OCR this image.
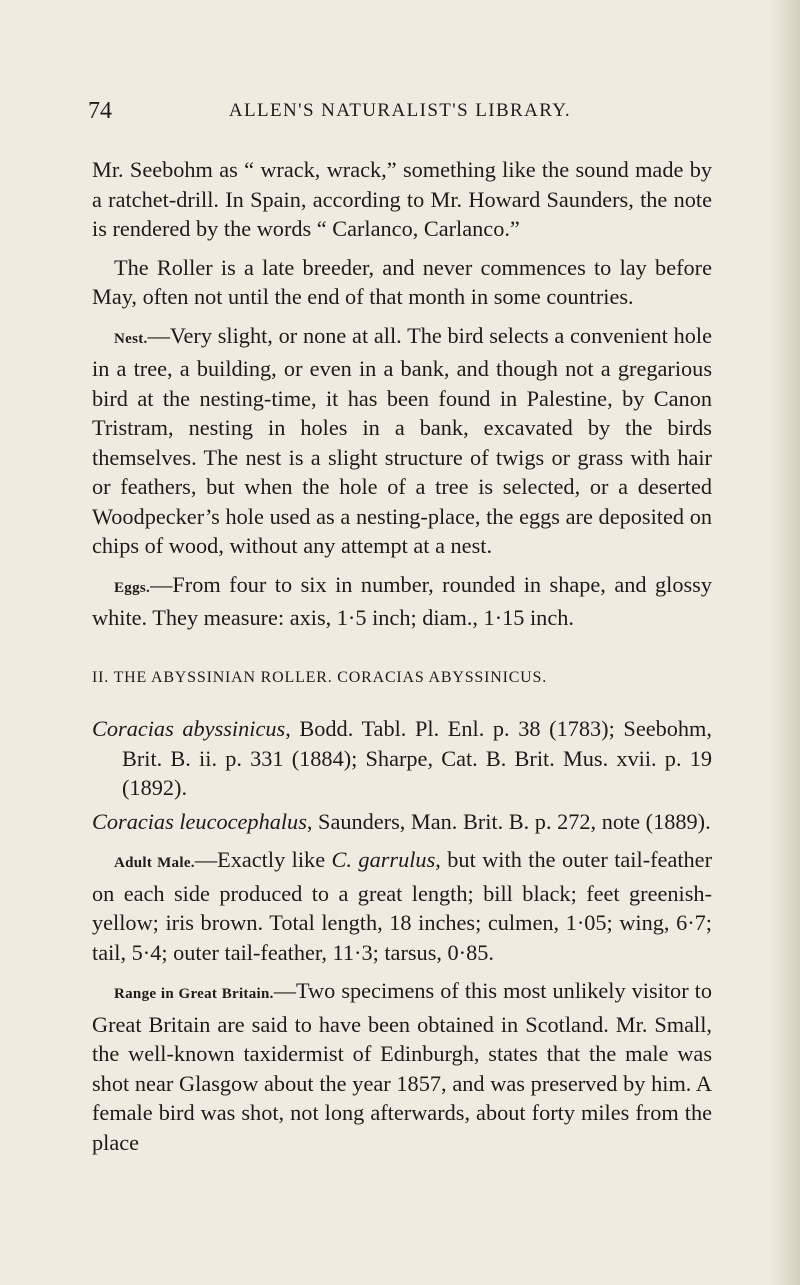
74	ALLEN'S NATURALIST'S LIBRARY.

Mr. Seebohm as “ wrack, wrack,” something like the sound made by a ratchet-drill. In Spain, according to Mr. Howard Saunders, the note is rendered by the words “ Carlanco, Carlanco.”

The Roller is a late breeder, and never commences to lay before May, often not until the end of that month in some countries.

Nest.—Very slight, or none at all. The bird selects a convenient hole in a tree, a building, or even in a bank, and though not a gregarious bird at the nesting-time, it has been found in Palestine, by Canon Tristram, nesting in holes in a bank, excavated by the birds themselves. The nest is a slight structure of twigs or grass with hair or feathers, but when the hole of a tree is selected, or a deserted Woodpecker’s hole used as a nesting-place, the eggs are deposited on chips of wood, without any attempt at a nest.

Eggs.—From four to six in number, rounded in shape, and glossy white. They measure: axis, 1·5 inch; diam., 1·15 inch.

II. THE ABYSSINIAN ROLLER. CORACIAS ABYSSINICUS.

Coracias abyssinicus, Bodd. Tabl. Pl. Enl. p. 38 (1783); Seebohm, Brit. B. ii. p. 331 (1884); Sharpe, Cat. B. Brit. Mus. xvii. p. 19 (1892).

Coracias leucocephalus, Saunders, Man. Brit. B. p. 272, note (1889).

Adult Male.—Exactly like C. garrulus, but with the outer tail-feather on each side produced to a great length; bill black; feet greenish-yellow; iris brown. Total length, 18 inches; culmen, 1·05; wing, 6·7; tail, 5·4; outer tail-feather, 11·3; tarsus, 0·85.

Range in Great Britain.—Two specimens of this most unlikely visitor to Great Britain are said to have been obtained in Scotland. Mr. Small, the well-known taxidermist of Edinburgh, states that the male was shot near Glasgow about the year 1857, and was preserved by him. A female bird was shot, not long afterwards, about forty miles from the place
